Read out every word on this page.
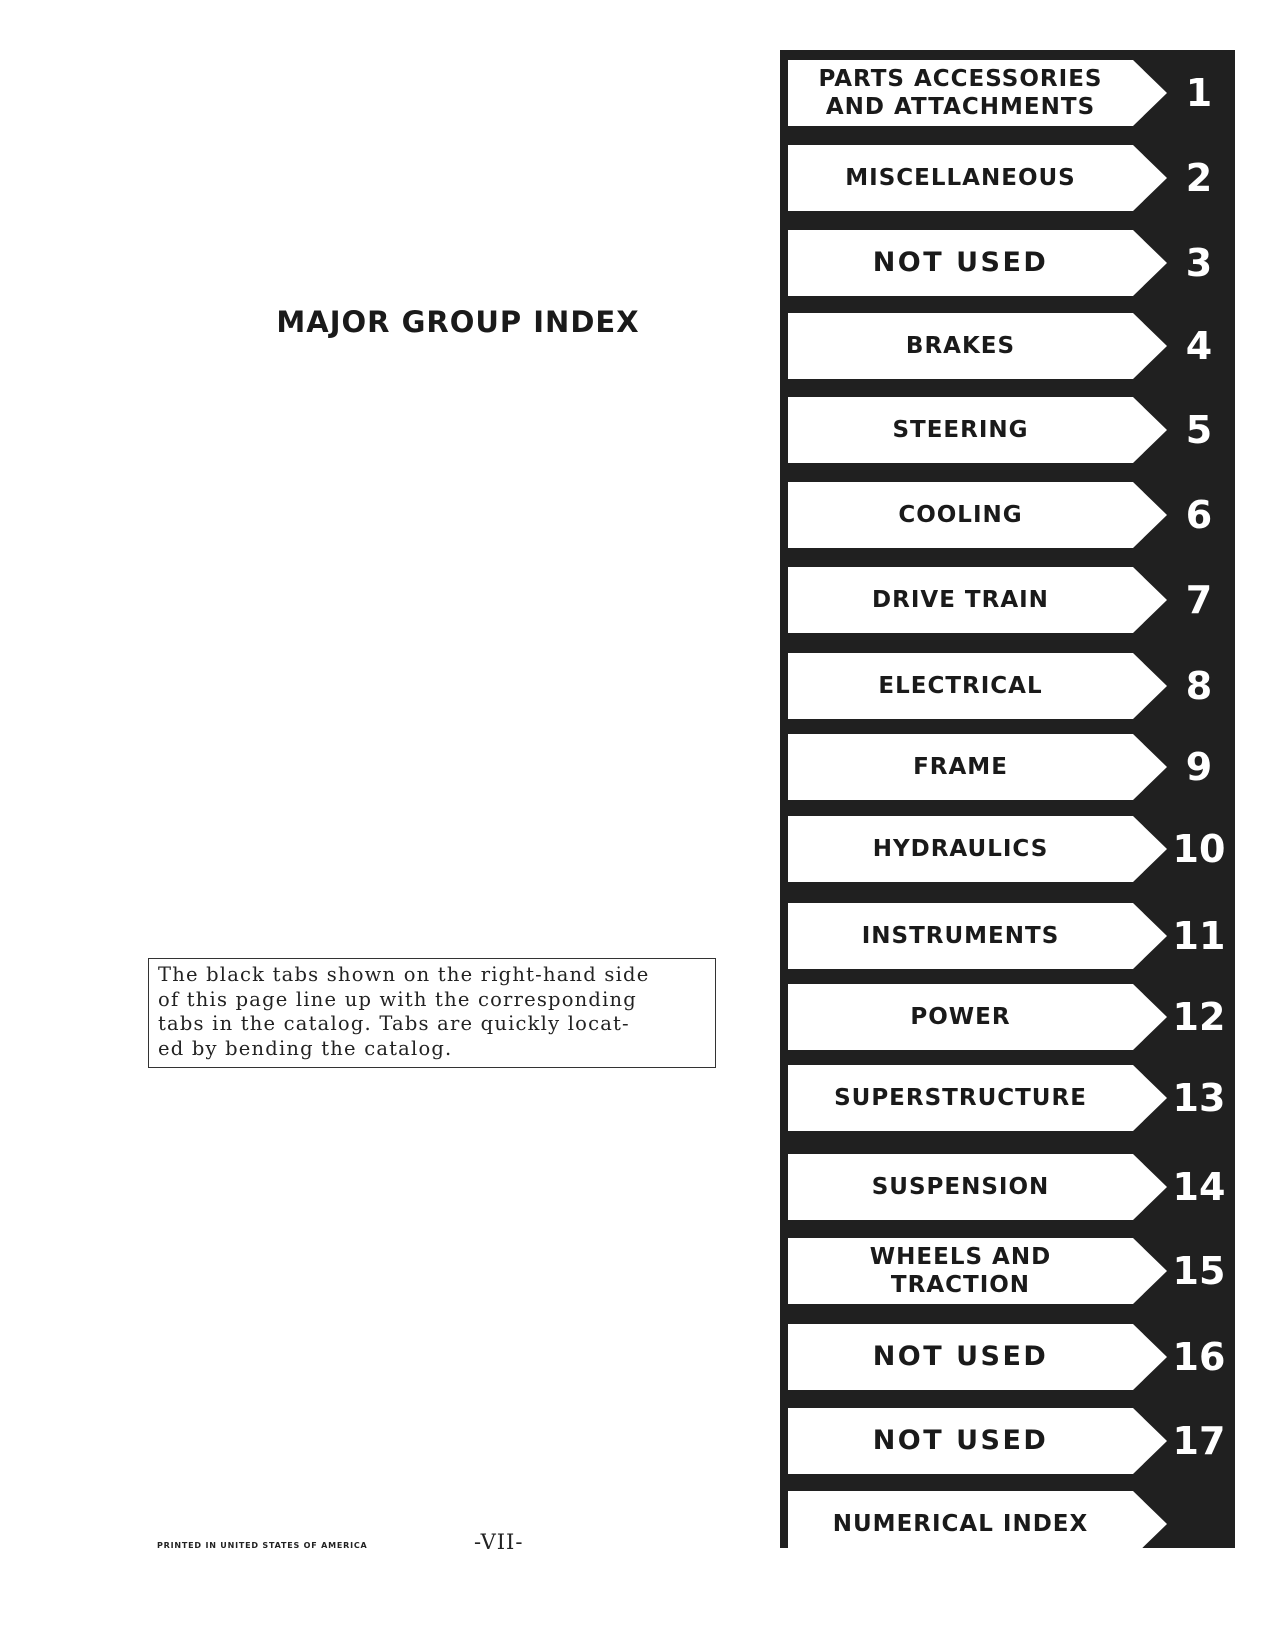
MAJOR GROUP INDEX
The black tabs shown on the right-hand side
of this page line up with the corresponding
tabs in the catalog. Tabs are quickly locat-
ed by bending the catalog.
PRINTED IN UNITED STATES OF AMERICA	-VII-
PARTS ACCESSORIES
AND ATTACHMENTS	1
MISCELLANEOUS	2
NOT USED	3
BRAKES	4
STEERING	5
COOLING	6
DRIVE TRAIN	7
ELECTRICAL	8
FRAME	9
HYDRAULICS	10
INSTRUMENTS	11
POWER	12
SUPERSTRUCTURE 13
SUSPENSION	14
WHEELS AND
TRACTION	15
NOT USED	16
NOT USED	17
NUMERICAL INDEX
